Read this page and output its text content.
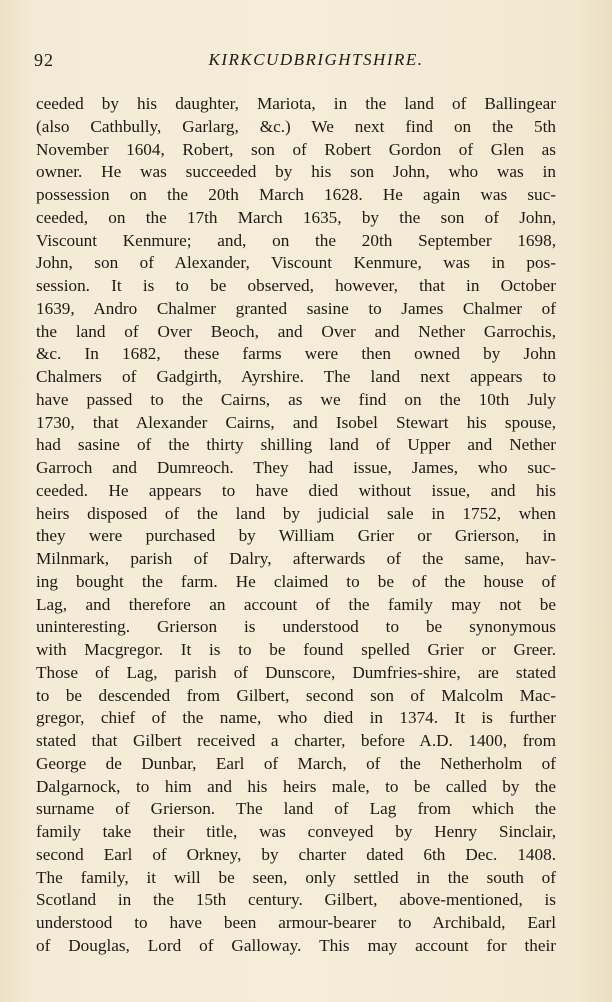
92	KIRKCUDBRIGHTSHIRE.
ceeded by his daughter, Mariota, in the land of Ballingear
(also Cathbully, Garlarg, &c.) We next find on the 5th
November 1604, Robert, son of Robert Gordon of Glen as
owner. He was succeeded by his son John, who was in
possession on the 20th March 1628. He again was suc-
ceeded, on the 17th March 1635, by the son of John,
Viscount Kenmure; and, on the 20th September 1698,
John, son of Alexander, Viscount Kenmure, was in pos-
session. It is to be observed, however, that in October
1639, Andro Chalmer granted sasine to James Chalmer of
the land of Over Beoch, and Over and Nether Garrochis,
&c. In 1682, these farms were then owned by John
Chalmers of Gadgirth, Ayrshire. The land next appears to
have passed to the Cairns, as we find on the 10th July
1730, that Alexander Cairns, and Isobel Stewart his spouse,
had sasine of the thirty shilling land of Upper and Nether
Garroch and Dumreoch. They had issue, James, who suc-
ceeded. He appears to have died without issue, and his
heirs disposed of the land by judicial sale in 1752, when
they were purchased by William Grier or Grierson, in
Milnmark, parish of Dalry, afterwards of the same, hav-
ing bought the farm. He claimed to be of the house of
Lag, and therefore an account of the family may not be
uninteresting. Grierson is understood to be synonymous
with Macgregor. It is to be found spelled Grier or Greer.
Those of Lag, parish of Dunscore, Dumfries-shire, are stated
to be descended from Gilbert, second son of Malcolm Mac-
gregor, chief of the name, who died in 1374. It is further
stated that Gilbert received a charter, before A.D. 1400, from
George de Dunbar, Earl of March, of the Netherholm of
Dalgarnock, to him and his heirs male, to be called by the
surname of Grierson. The land of Lag from which the
family take their title, was conveyed by Henry Sinclair,
second Earl of Orkney, by charter dated 6th Dec. 1408.
The family, it will be seen, only settled in the south of
Scotland in the 15th century. Gilbert, above-mentioned, is
understood to have been armour-bearer to Archibald, Earl
of Douglas, Lord of Galloway. This may account for their
